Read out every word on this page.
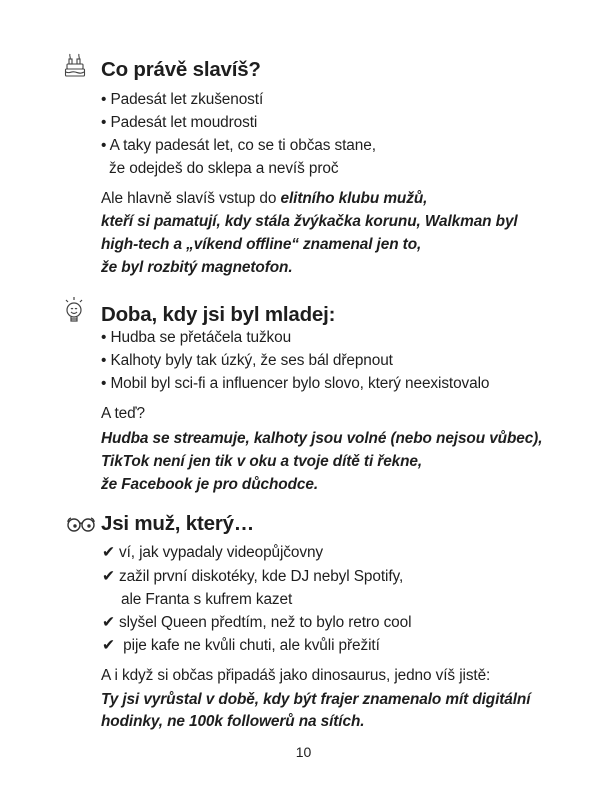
Co právě slavíš?
• Padesát let zkušeností
• Padesát let moudrosti
• A taky padesát let, co se ti občas stane,
že odejdeš do sklepa a nevíš proč
Ale hlavně slavíš vstup do elitního klubu mužů,
kteří si pamatují, kdy stála žvýkačka korunu, Walkman byl
high-tech a „víkend offline“ znamenal jen to,
že byl rozbitý magnetofon.
Doba, kdy jsi byl mladej:
• Hudba se přetáčela tužkou
• Kalhoty byly tak úzký, že ses bál dřepnout
• Mobil byl sci-fi a influencer bylo slovo, který neexistovalo
A teď?
Hudba se streamuje, kalhoty jsou volné (nebo nejsou vůbec),
TikTok není jen tik v oku a tvoje dítě ti řekne,
že Facebook je pro důchodce.
Jsi muž, který…
✔ ví, jak vypadaly videopůjčovny
✔ zažil první diskotéky, kde DJ nebyl Spotify,
ale Franta s kufrem kazet
✔ slyšel Queen předtím, než to bylo retro cool
✔  pije kafe ne kvůli chuti, ale kvůli přežití
A i když si občas připadáš jako dinosaurus, jedno víš jistě:
Ty jsi vyrůstal v době, kdy být frajer znamenalo mít digitální
hodinky, ne 100k followerů na sítích.
10
